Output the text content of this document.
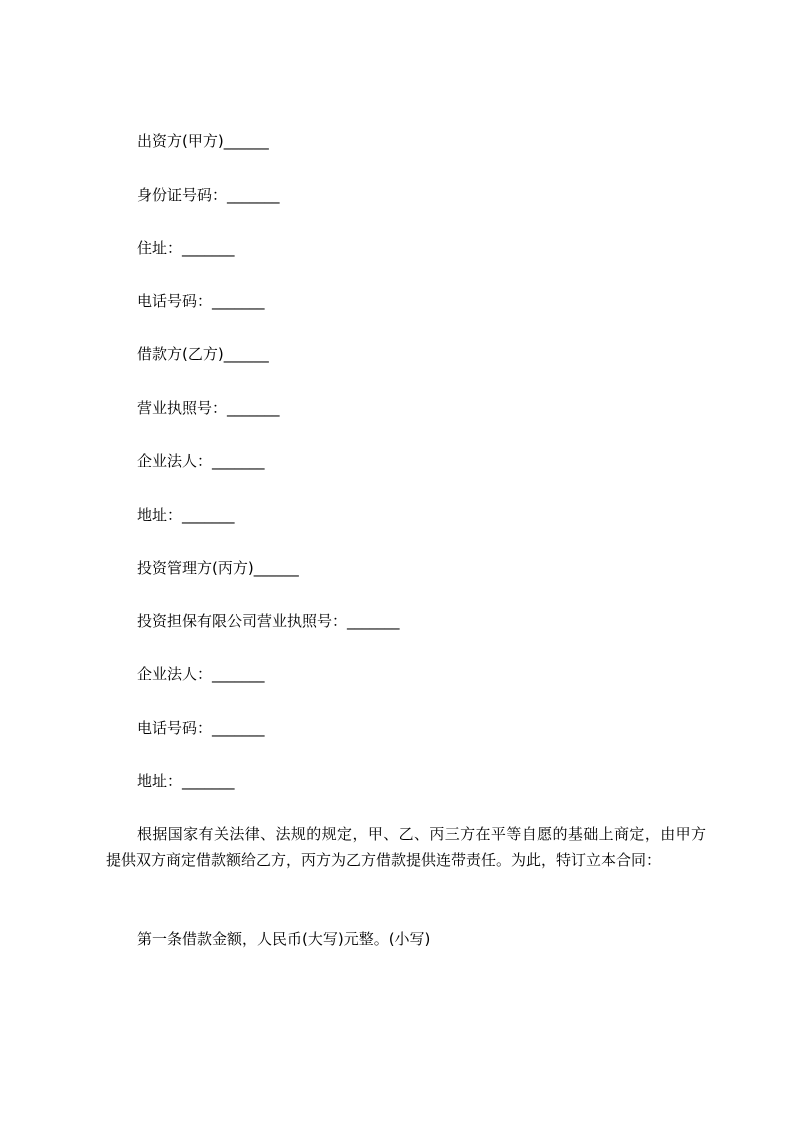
出资方(甲方)______
身份证号码：_______
住址：_______
电话号码：_______
借款方(乙方)______
营业执照号：_______
企业法人：_______
地址：_______
投资管理方(丙方)______
投资担保有限公司营业执照号：_______
企业法人：_______
电话号码：_______
地址：_______
根据国家有关法律、法规的规定，甲、乙、丙三方在平等自愿的基础上商定，由甲方提供双方商定借款额给乙方，丙方为乙方借款提供连带责任。为此，特订立本合同：
第一条借款金额，人民币(大写)元整。(小写)
